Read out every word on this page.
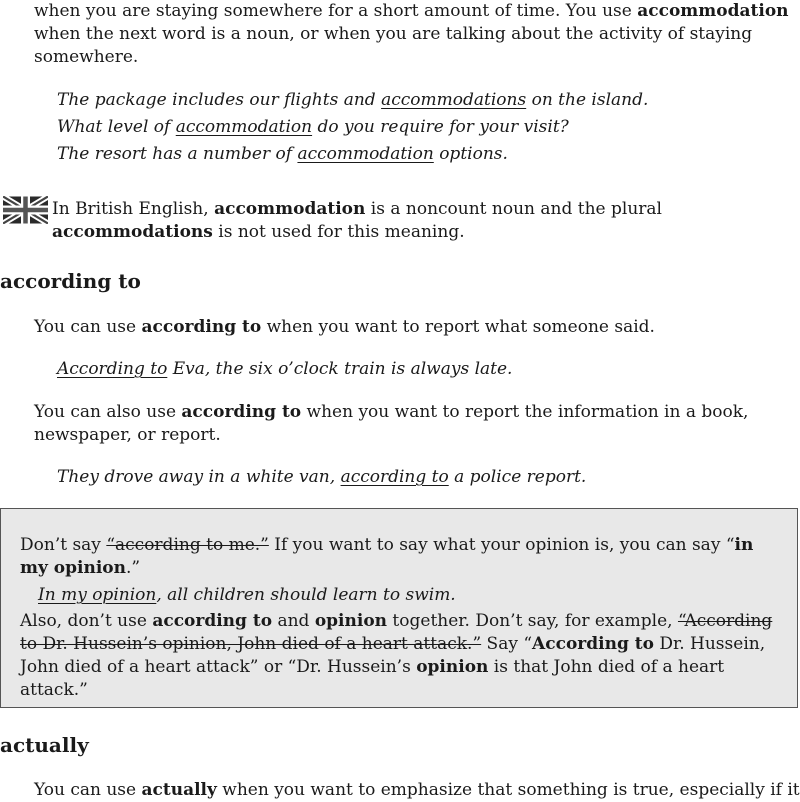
when you are staying somewhere for a short amount of time. You use accommodation

when the next word is a noun, or when you are talking about the activity of staying

somewhere.

The package includes our flights and accommodations on the island.

What level of accommodation do you require for your visit?

The resort has a number of accommodation options.

In British English, accommodation is a noncount noun and the plural

accommodations is not used for this meaning.

according to

You can use according to when you want to report what someone said.

According to Eva, the six o’clock train is always late.

You can also use according to when you want to report the information in a book,

newspaper, or report.

They drove away in a white van, according to a police report.

Don’t say “according to me.” If you want to say what your opinion is, you can say “in

my opinion.”

In my opinion, all children should learn to swim.

Also, don’t use according to and opinion together. Don’t say, for example, “According

to Dr. Hussein’s opinion, John died of a heart attack.” Say “According to Dr. Hussein,

John died of a heart attack” or “Dr. Hussein’s opinion is that John died of a heart

attack.”

actually

You can use actually when you want to emphasize that something is true, especially if it
